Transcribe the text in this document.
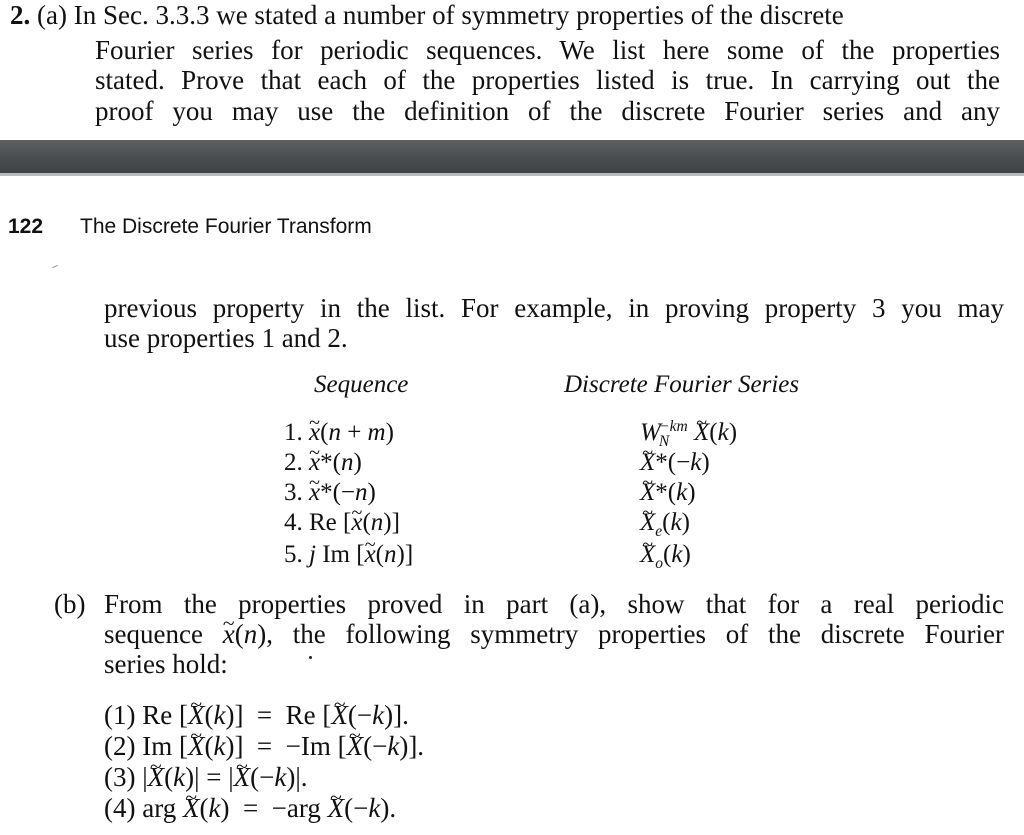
2. (a) In Sec. 3.3.3 we stated a number of symmetry properties of the discrete
Fourier series for periodic sequences. We list here some of the properties
stated. Prove that each of the properties listed is true. In carrying out the
proof you may use the definition of the discrete Fourier series and any
122 The Discrete Fourier Transform
previous property in the list. For example, in proving property 3 you may
use properties 1 and 2.
Sequence	Discrete Fourier Series
1. ~ x(n + m)
2. ~ x*(n)
3. ~ x*(−n)
4. Re [~ x(n)]
5. j Im [~ x(n)]
$W_N^{-km}$ ~ X(k)
~ X*(−k)
~ X*(k)
~ $X_e(k)$
~ $X_o(k)$
(b) From the properties proved in part (a), show that for a real periodic
sequence ~ x(n), the following symmetry properties of the discrete Fourier
series hold:
(1) Re [~ X(k)]  =  Re [~ X(−k)].
(2) Im [~ X(k)]  =  −Im [~ X(−k)].
(3) |~ X(k)| = |~ X(−k)|.
(4) arg ~ X(k)  =  −arg ~ X(−k).
